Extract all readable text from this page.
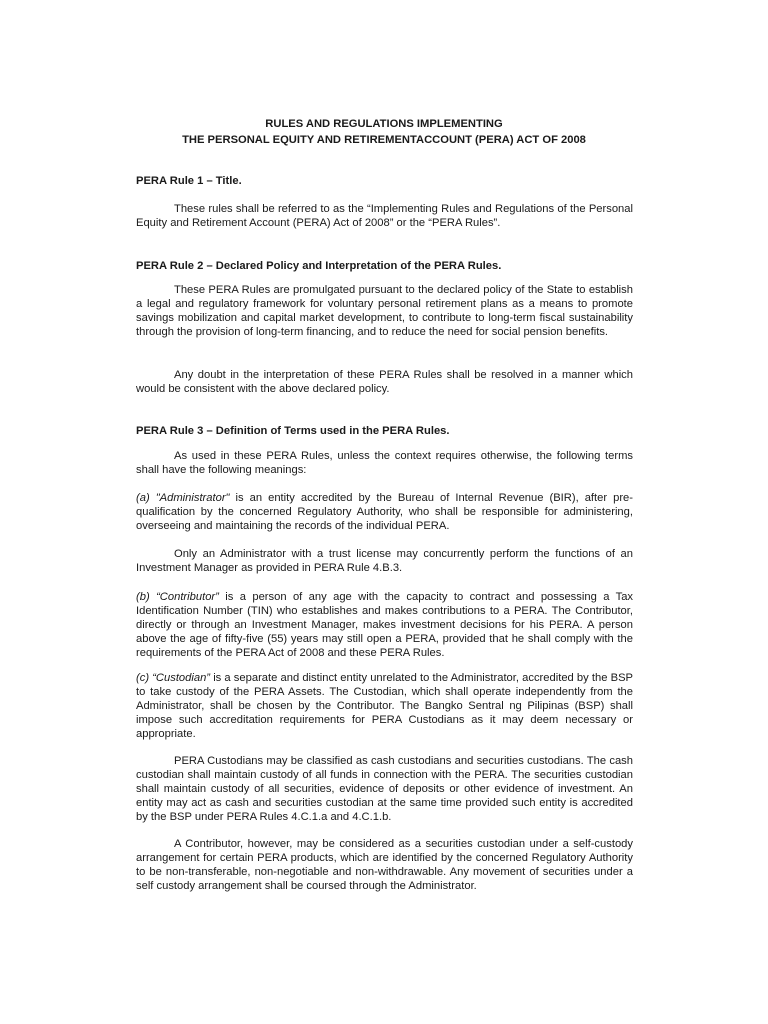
RULES AND REGULATIONS IMPLEMENTING
THE PERSONAL EQUITY AND RETIREMENTACCOUNT (PERA) ACT OF 2008
PERA Rule 1 – Title.

These rules shall be referred to as the “Implementing Rules and Regulations of the Personal Equity and Retirement Account (PERA) Act of 2008” or the “PERA Rules”.

PERA Rule 2 – Declared Policy and Interpretation of the PERA Rules.

These PERA Rules are promulgated pursuant to the declared policy of the State to establish a legal and regulatory framework for voluntary personal retirement plans as a means to promote savings mobilization and capital market development, to contribute to long-term fiscal sustainability through the provision of long-term financing, and to reduce the need for social pension benefits.

Any doubt in the interpretation of these PERA Rules shall be resolved in a manner which would be consistent with the above declared policy.

PERA Rule 3 – Definition of Terms used in the PERA Rules.

As used in these PERA Rules, unless the context requires otherwise, the following terms shall have the following meanings:

(a) "Administrator" is an entity accredited by the Bureau of Internal Revenue (BIR), after pre-qualification by the concerned Regulatory Authority, who shall be responsible for administering, overseeing and maintaining the records of the individual PERA.

Only an Administrator with a trust license may concurrently perform the functions of an Investment Manager as provided in PERA Rule 4.B.3.

(b) “Contributor” is a person of any age with the capacity to contract and possessing a Tax Identification Number (TIN) who establishes and makes contributions to a PERA. The Contributor, directly or through an Investment Manager, makes investment decisions for his PERA. A person above the age of fifty-five (55) years may still open a PERA, provided that he shall comply with the requirements of the PERA Act of 2008 and these PERA Rules.

(c) “Custodian” is a separate and distinct entity unrelated to the Administrator, accredited by the BSP to take custody of the PERA Assets. The Custodian, which shall operate independently from the Administrator, shall be chosen by the Contributor. The Bangko Sentral ng Pilipinas (BSP) shall impose such accreditation requirements for PERA Custodians as it may deem necessary or appropriate.

PERA Custodians may be classified as cash custodians and securities custodians. The cash custodian shall maintain custody of all funds in connection with the PERA. The securities custodian shall maintain custody of all securities, evidence of deposits or other evidence of investment. An entity may act as cash and securities custodian at the same time provided such entity is accredited by the BSP under PERA Rules 4.C.1.a and 4.C.1.b.

A Contributor, however, may be considered as a securities custodian under a self-custody arrangement for certain PERA products, which are identified by the concerned Regulatory Authority to be non-transferable, non-negotiable and non-withdrawable. Any movement of securities under a self custody arrangement shall be coursed through the Administrator.
